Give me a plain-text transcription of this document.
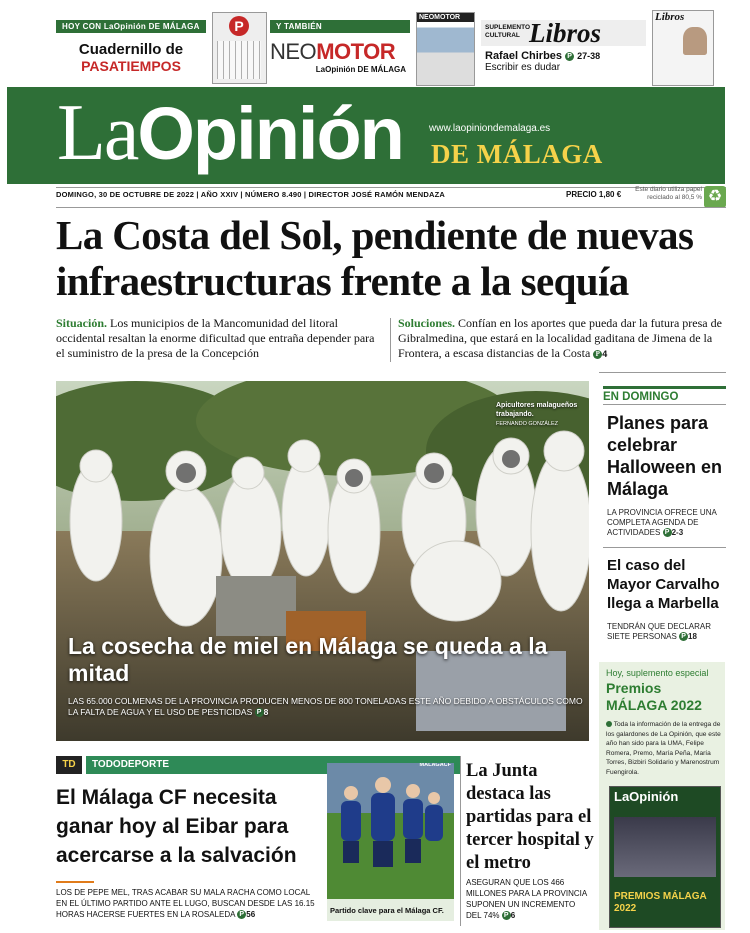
HOY CON LaOpinión DE MÁLAGA
Cuadernillo de
PASATIEMPOS
P	Y TAMBIÉN
NEOMOTOR
LaOpinión DE MÁLAGA
NEOMOTOR
SUPLEMENTO CULTURAL Libros
Rafael Chirbes P 27-38
Escribir es dudar
Libros
LaOpinión	www.laopiniondemalaga.es
DE MÁLAGA
DOMINGO, 30 DE OCTUBRE DE 2022 | AÑO XXIV | NÚMERO 8.490 | DIRECTOR JOSÉ RAMÓN MENDAZA	PRECIO 1,80 €
Este diario utiliza papel reciclado al 80,5 % ♻
La Costa del Sol, pendiente de nuevas infraestructuras frente a la sequía
Situación. Los municipios de la Mancomunidad del litoral occidental resaltan la enorme dificultad que entraña depender para el suministro de la presa de la Concepción
Soluciones. Confían en los aportes que pueda dar la futura presa de Gibralmedina, que estará en la localidad gaditana de Jimena de la Frontera, a escasa distancias de la Costa P 4
Apicultores malagueños trabajando.
FERNANDO GONZÁLEZ
La cosecha de miel en Málaga se queda a la mitad
LAS 65.000 COLMENAS DE LA PROVINCIA PRODUCEN MENOS DE 800 TONELADAS ESTE AÑO DEBIDO A OBSTÁCULOS COMO LA FALTA DE AGUA Y EL USO DE PESTICIDAS P 8
EN DOMINGO
Planes para celebrar Halloween en Málaga
LA PROVINCIA OFRECE UNA COMPLETA AGENDA DE ACTIVIDADES P 2-3
El caso del Mayor Carvalho llega a Marbella
TENDRÁN QUE DECLARAR SIETE PERSONAS P 18
Hoy, suplemento especial
Premios MÁLAGA 2022
Toda la información de la entrega de los galardones de La Opinión, que este año han sido para la UMA, Felipe Romera, Premo, María Peña, María Torres, Bizbiri Solidario y Marenostrum Fuengirola.
LaOpinión
PREMIOS MÁLAGA 2022
TD	TODODEPORTE
El Málaga CF necesita ganar hoy al Eibar para acercarse a la salvación
LOS DE PEPE MEL, TRAS ACABAR SU MALA RACHA COMO LOCAL EN EL ÚLTIMO PARTIDO ANTE EL LUGO, BUSCAN DESDE LAS 16.15 HORAS HACERSE FUERTES EN LA ROSALEDA P 56
MÁLAGACF
Partido clave para el Málaga CF.
La Junta destaca las partidas para el tercer hospital y el metro
ASEGURAN QUE LOS 466 MILLONES PARA LA PROVINCIA SUPONEN UN INCREMENTO DEL 74% P 6
